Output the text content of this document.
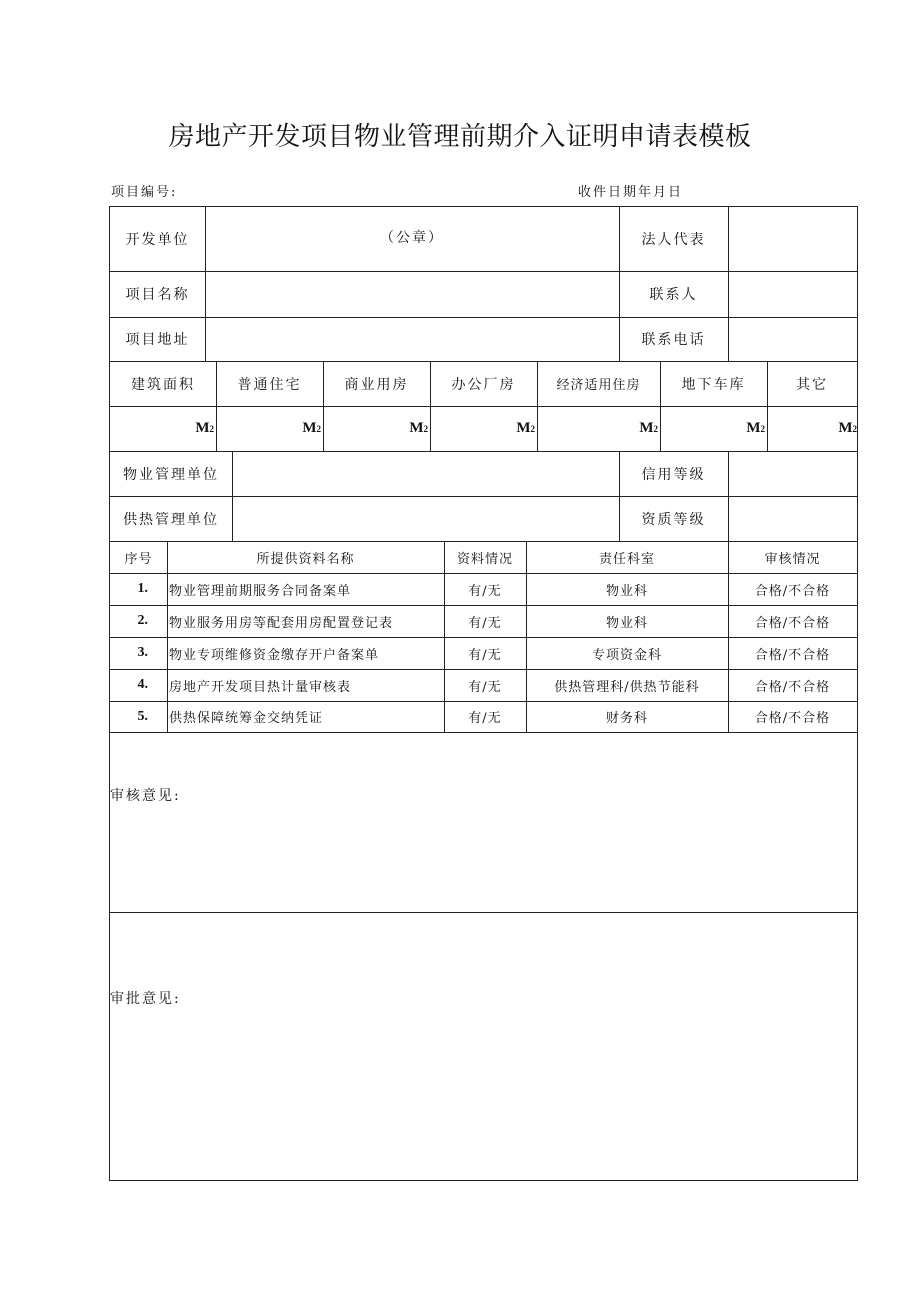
房地产开发项目物业管理前期介入证明申请表模板
项目编号:	收件日期年月日
开发单位	（公章）	法人代表
项目名称	联系人
项目地址	联系电话
建筑面积	普通住宅	商业用房	办公厂房	经济适用住房	地下车库	其它
M 2	M 2	M 2	M 2	M 2	M 2	M 2
物业管理单位	信用等级
供热管理单位	资质等级
序号	所提供资料名称	资料情况	责任科室	审核情况
1. 物业管理前期服务合同备案单	有/无	物业科	合格/不合格
2. 物业服务用房等配套用房配置登记表	有/无	物业科	合格/不合格
3. 物业专项维修资金缴存开户备案单	有/无	专项资金科	合格/不合格
4. 房地产开发项目热计量审核表	有/无	供热管理科/供热节能科	合格/不合格
5. 供热保障统筹金交纳凭证	有/无	财务科	合格/不合格
审核意见:
审批意见:
